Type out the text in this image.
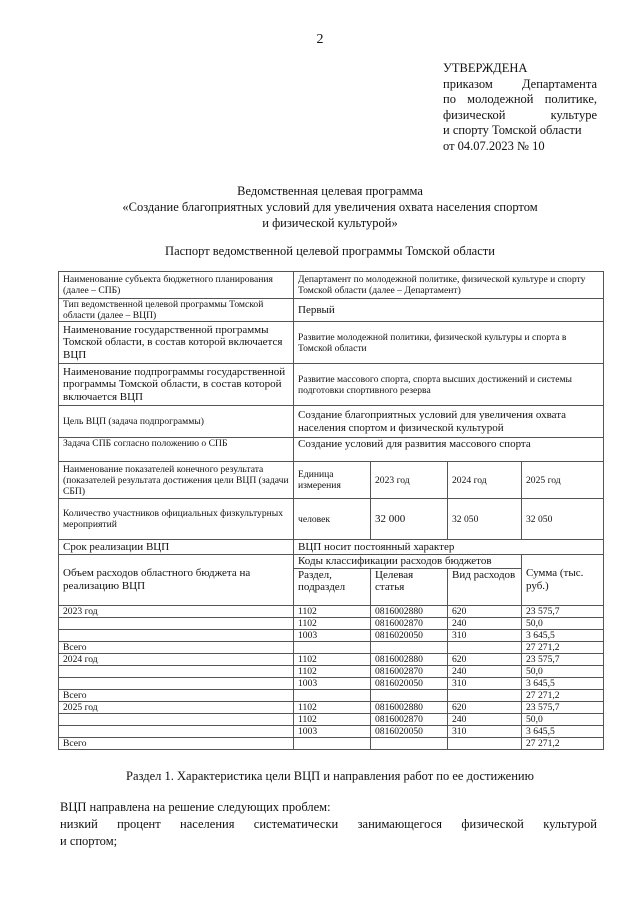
2
УТВЕРЖДЕНА
приказом Департамента
по молодежной политике,
физической культуре
и спорту Томской области
от 04.07.2023 № 10
Ведомственная целевая программа
«Создание благоприятных условий для увеличения охвата населения спортом
и физической культурой»
Паспорт ведомственной целевой программы Томской области
Наименование субъекта бюджетного планирования (далее – СПБ)	Департамент по молодежной политике, физической культуре и спорту Томской области (далее – Департамент)			
Тип ведомственной целевой программы Томской области (далее – ВЦП)	Первый			
Наименование государственной программы Томской области, в состав которой включается ВЦП	Развитие молодежной политики, физической культуры и спорта в Томской области			
Наименование подпрограммы государственной программы Томской области, в состав которой включается ВЦП	Развитие массового спорта, спорта высших достижений и системы подготовки спортивного резерва			
Цель ВЦП (задача подпрограммы)	Создание благоприятных условий для увеличения охвата населения спортом и физической культурой			
Задача СПБ согласно положению о СПБ	Создание условий для развития массового спорта			
Наименование показателей конечного результата (показателей результата достижения цели ВЦП (задачи СБП)	Единица измерения	2023 год	2024 год	2025 год
Количество участников официальных физкультурных мероприятий	человек	32 000	32 050	32 050
Срок реализации ВЦП	ВЦП носит постоянный характер			
Объем расходов областного бюджета на реализацию ВЦП	Коды классификации расходов бюджетов			Сумма (тыс. руб.)
	Раздел, подраздел	Целевая статья	Вид расходов	
2023 год	1102	0816002880	620	23 575,7
	1102	0816002870	240	50,0
	1003	0816020050	310	3 645,5
Всего				27 271,2
2024 год	1102	0816002880	620	23 575,7
	1102	0816002870	240	50,0
	1003	0816020050	310	3 645,5
Всего				27 271,2
2025 год	1102	0816002880	620	23 575,7
	1102	0816002870	240	50,0
	1003	0816020050	310	3 645,5
Всего				27 271,2
Раздел 1. Характеристика цели ВЦП и направления работ по ее достижению
ВЦП направлена на решение следующих проблем:
низкий процент населения систематически занимающегося физической культурой
и спортом;
